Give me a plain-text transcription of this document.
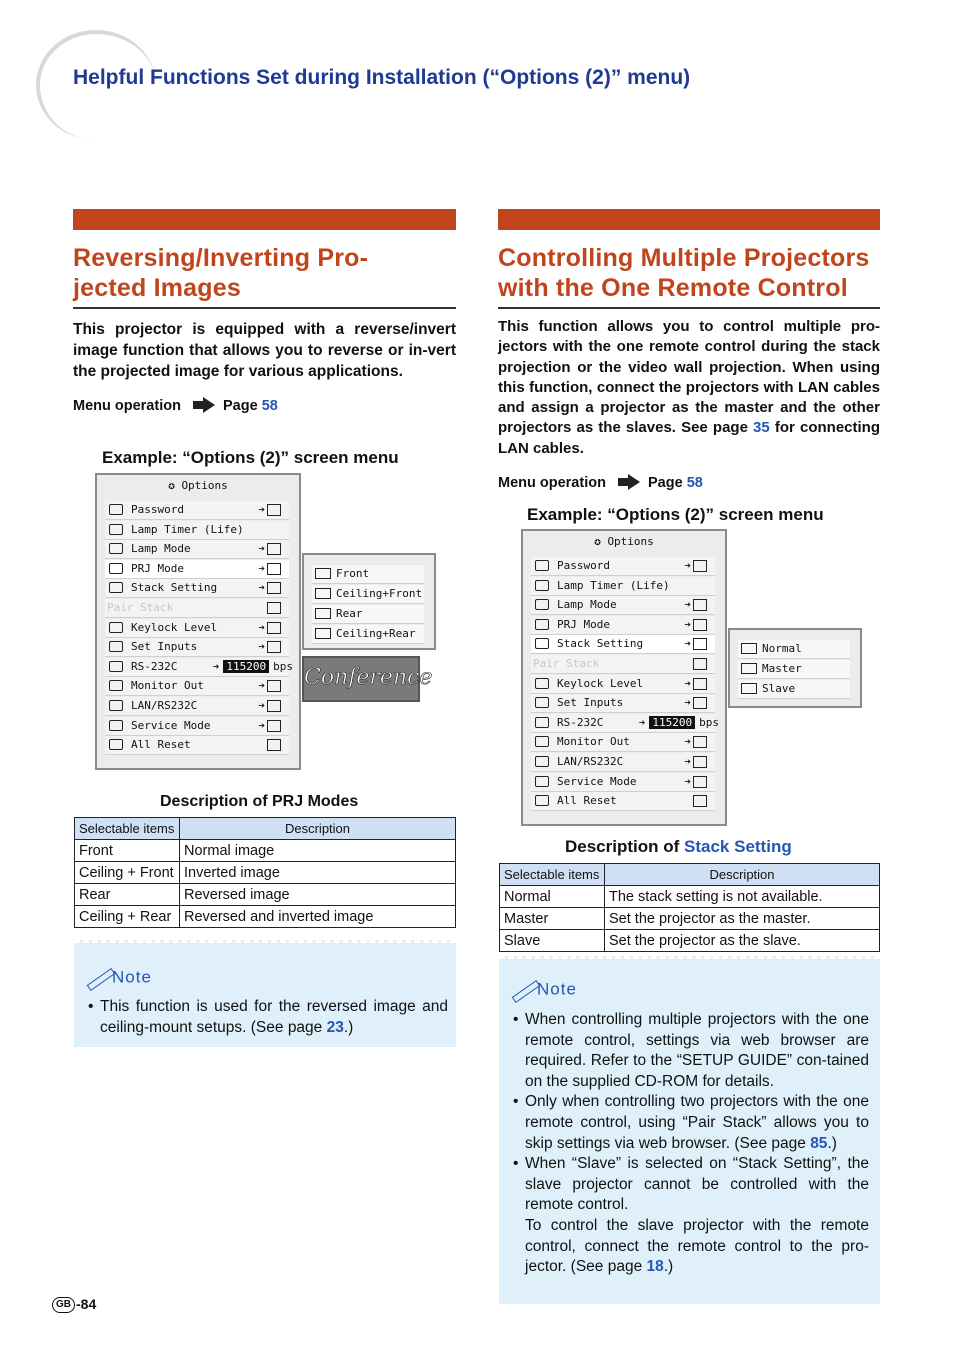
Helpful Functions Set during Installation (“Options (2)” menu)
Reversing/Inverting Pro-
jected Images
This projector is equipped with a reverse/invert image function that allows you to reverse or in-vert the projected image for various applications.
Menu operation	Page 58
Example: “Options (2)” screen menu
✪ Options
Password	➔
Lamp Timer (Life)
Lamp Mode	➔
PRJ Mode	➔
Stack Setting	➔
Pair Stack
Keylock Level	➔
Set Inputs	➔
RS-232C	➔ 115200 bps
Monitor Out	➔
LAN/RS232C	➔
Service Mode	➔
All Reset
Front
Ceiling+Front
Rear
Ceiling+Rear
Conference
Description of PRJ Modes
Selectable items	Description
Front	Normal image
Ceiling + Front	Inverted image
Rear	Reversed image
Ceiling + Rear	Reversed and inverted image
Note
• This function is used for the reversed image and ceiling-mount setups. (See page 23.)
Controlling Multiple Projectors
with the One Remote Control
This function allows you to control multiple pro-jectors with the one remote control during the stack projection or the video wall projection. When using this function, connect the projectors with LAN cables and assign a projector as the master and the other projectors as the slaves. See page 35 for connecting LAN cables.
Menu operation	Page 58
Example: “Options (2)” screen menu
✪ Options
Password	➔
Lamp Timer (Life)
Lamp Mode	➔
PRJ Mode	➔
Stack Setting	➔
Pair Stack
Keylock Level	➔
Set Inputs	➔
RS-232C	➔ 115200 bps
Monitor Out	➔
LAN/RS232C	➔
Service Mode	➔
All Reset
Normal
Master
Slave
Description of Stack Setting
Selectable items	Description
Normal	The stack setting is not available.
Master	Set the projector as the master.
Slave	Set the projector as the slave.
Note
• When controlling multiple projectors with the one remote control, settings via web browser are required. Refer to the “SETUP GUIDE” con-tained on the supplied CD-ROM for details.
• Only when controlling two projectors with the one remote control, using “Pair Stack” allows you to skip settings via web browser. (See page 85.)
• When “Slave” is selected on “Stack Setting”, the slave projector cannot be controlled with the remote control.
To control the slave projector with the remote control, connect the remote control to the pro-jector. (See page 18.)
GB -84
